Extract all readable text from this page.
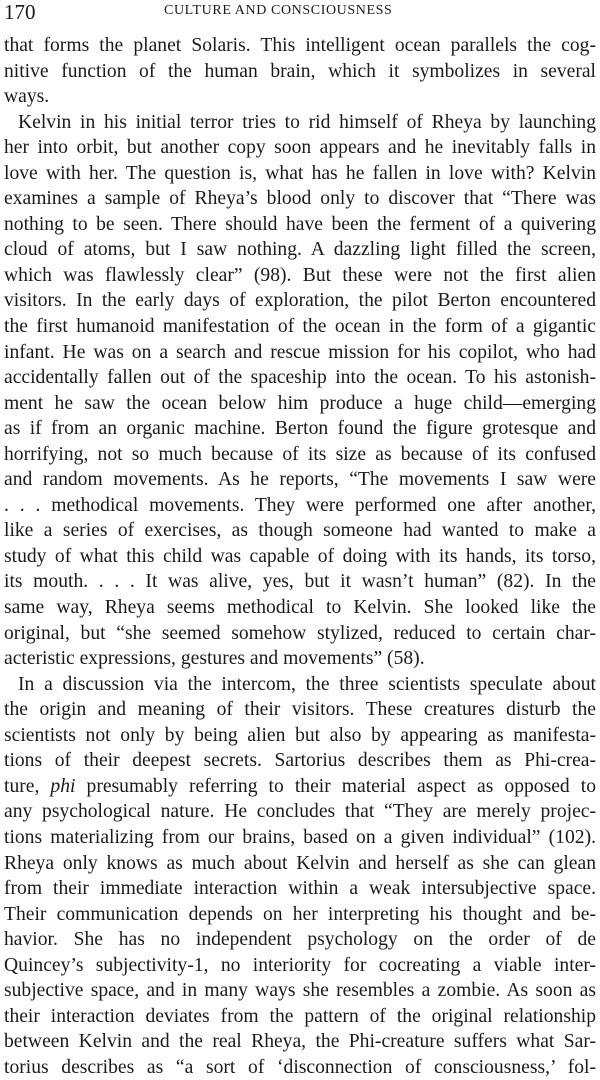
170	CULTURE AND CONSCIOUSNESS
that forms the planet Solaris. This intelligent ocean parallels the cog-
nitive function of the human brain, which it symbolizes in several
ways.
Kelvin in his initial terror tries to rid himself of Rheya by launching
her into orbit, but another copy soon appears and he inevitably falls in
love with her. The question is, what has he fallen in love with? Kelvin
examines a sample of Rheya’s blood only to discover that “There was
nothing to be seen. There should have been the ferment of a quivering
cloud of atoms, but I saw nothing. A dazzling light filled the screen,
which was flawlessly clear” (98). But these were not the first alien
visitors. In the early days of exploration, the pilot Berton encountered
the first humanoid manifestation of the ocean in the form of a gigantic
infant. He was on a search and rescue mission for his copilot, who had
accidentally fallen out of the spaceship into the ocean. To his astonish-
ment he saw the ocean below him produce a huge child—emerging
as if from an organic machine. Berton found the figure grotesque and
horrifying, not so much because of its size as because of its confused
and random movements. As he reports, “The movements I saw were
. . . methodical movements. They were performed one after another,
like a series of exercises, as though someone had wanted to make a
study of what this child was capable of doing with its hands, its torso,
its mouth. . . . It was alive, yes, but it wasn’t human” (82). In the
same way, Rheya seems methodical to Kelvin. She looked like the
original, but “she seemed somehow stylized, reduced to certain char-
acteristic expressions, gestures and movements” (58).
In a discussion via the intercom, the three scientists speculate about
the origin and meaning of their visitors. These creatures disturb the
scientists not only by being alien but also by appearing as manifesta-
tions of their deepest secrets. Sartorius describes them as Phi-crea-
ture, phi presumably referring to their material aspect as opposed to
any psychological nature. He concludes that “They are merely projec-
tions materializing from our brains, based on a given individual” (102).
Rheya only knows as much about Kelvin and herself as she can glean
from their immediate interaction within a weak intersubjective space.
Their communication depends on her interpreting his thought and be-
havior. She has no independent psychology on the order of de
Quincey’s subjectivity-1, no interiority for cocreating a viable inter-
subjective space, and in many ways she resembles a zombie. As soon as
their interaction deviates from the pattern of the original relationship
between Kelvin and the real Rheya, the Phi-creature suffers what Sar-
torius describes as “a sort of ‘disconnection of consciousness,’ fol-
